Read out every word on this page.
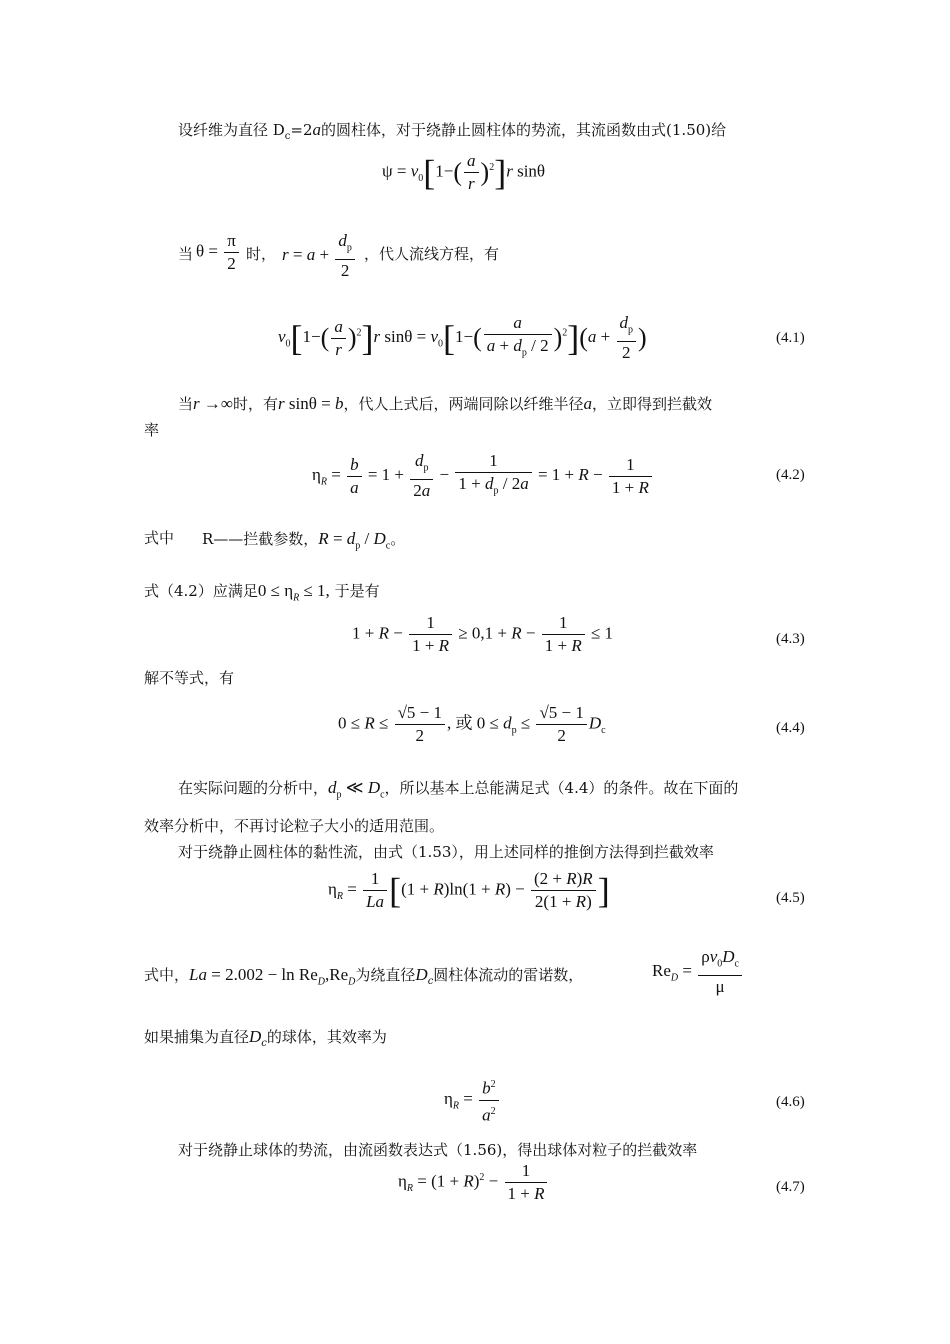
设纤维为直径 $D_c=2a$的圆柱体，对于绕静止圆柱体的势流，其流函数由式(1.50)给
$\psi = v_0[1-( \frac{a}{r} )^2]r$ sinθ
当 $\theta = \frac{\pi}{2}$ 时， $r = a + \frac{d_p}{2}$ ，代人流线方程，有
$v_0[1-( \frac{a}{r} )^2]r$ $\sin\theta = v_0[1-( \frac{a}{a + d_p / 2} )^2](a + \frac{d_p}{2}$ )	(4.1)
当r →∞时，有r sinθ = b，代人上式后，两端同除以纤维半径a，立即得到拦截效
率
$\eta_R = \frac{b}{a} = 1 + \frac{d_p}{2a} - \frac{1}{1 + d_p / 2a} = 1 + R - \frac{1}{1 + R}$	(4.2)
式中 R——拦截参数，$R = d_p / D_c$。
式（4.2）应满足$0 \le \eta_R \le 1$, 于是有
$1 + R - \frac{1}{1 + R} \ge 0,1 + R - \frac{1}{1 + R} \le 1$	(4.3)
解不等式，有
$0 \le R \le \frac{√5 - 1}{2}$ , 或 $0 \le d_p \le \frac{√5 - 1}{2} D_c$	(4.4)
在实际问题的分析中，$d_p$ ≪ $D_c$，所以基本上总能满足式（4.4）的条件。故在下面的
效率分析中，不再讨论粒子大小的适用范围。
对于绕静止圆柱体的黏性流，由式（1.53），用上述同样的推倒方法得到拦截效率
$\eta_R = \frac{1}{La} [(1 + R)\ln(1 + R) - \frac{(2 + R)R}{2(1 + R)}$ ]	(4.5)
式中，$La = 2.002 - \ln Re_D,Re_D$为绕直径$D_c$圆柱体流动的雷诺数，	$Re_D = \frac{\rho v_0D_c}{\mu}$
如果捕集为直径$D_c$的球体，其效率为
$\eta_R = \frac{b^2}{a^2}$	(4.6)
对于绕静止球体的势流，由流函数表达式（1.56)，得出球体对粒子的拦截效率
$\eta_R = (1 + R)^2 - \frac{1}{1 + R}$	(4.7)
